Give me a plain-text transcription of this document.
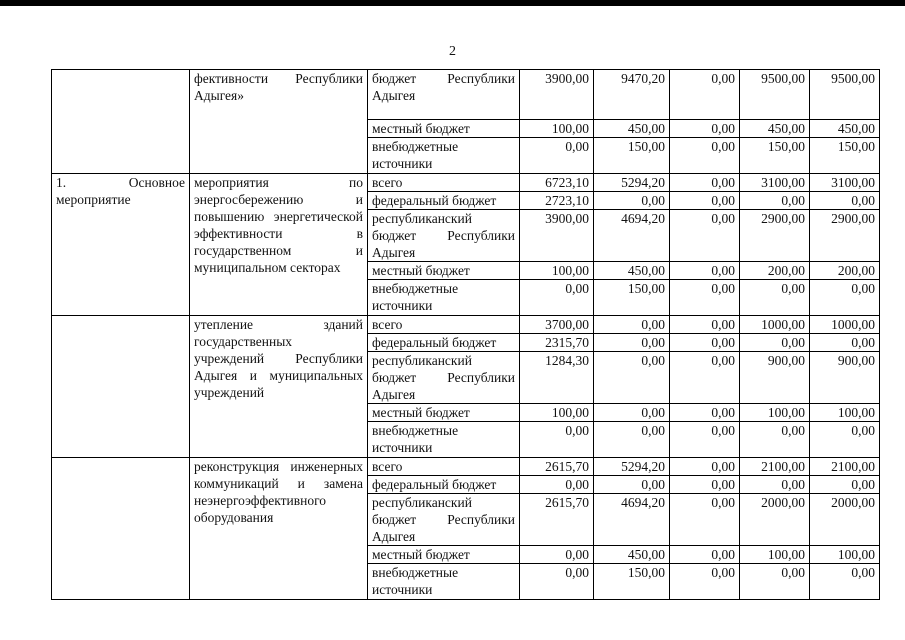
2
	фективности Республики Адыгея»	бюджет Республики Адыгея	3900,00	9470,20	0,00	9500,00	9500,00
		местный бюджет	100,00	450,00	0,00	450,00	450,00
		внебюджетные источники	0,00	150,00	0,00	150,00	150,00
1. Основное мероприятие	мероприятия по энергосбережению и повышению энергетической эффективности в государственном и муниципальном секторах	всего	6723,10	5294,20	0,00	3100,00	3100,00
		федеральный бюджет	2723,10	0,00	0,00	0,00	0,00
		республиканский бюджет Республики Адыгея	3900,00	4694,20	0,00	2900,00	2900,00
		местный бюджет	100,00	450,00	0,00	200,00	200,00
		внебюджетные источники	0,00	150,00	0,00	0,00	0,00
	утепление зданий государственных учреждений Республики Адыгея и муниципальных учреждений	всего	3700,00	0,00	0,00	1000,00	1000,00
		федеральный бюджет	2315,70	0,00	0,00	0,00	0,00
		республиканский бюджет Республики Адыгея	1284,30	0,00	0,00	900,00	900,00
		местный бюджет	100,00	0,00	0,00	100,00	100,00
		внебюджетные источники	0,00	0,00	0,00	0,00	0,00
	реконструкция инженерных коммуникаций и замена неэнергоэффективного оборудования	всего	2615,70	5294,20	0,00	2100,00	2100,00
		федеральный бюджет	0,00	0,00	0,00	0,00	0,00
		республиканский бюджет Республики Адыгея	2615,70	4694,20	0,00	2000,00	2000,00
		местный бюджет	0,00	450,00	0,00	100,00	100,00
		внебюджетные источники	0,00	150,00	0,00	0,00	0,00
